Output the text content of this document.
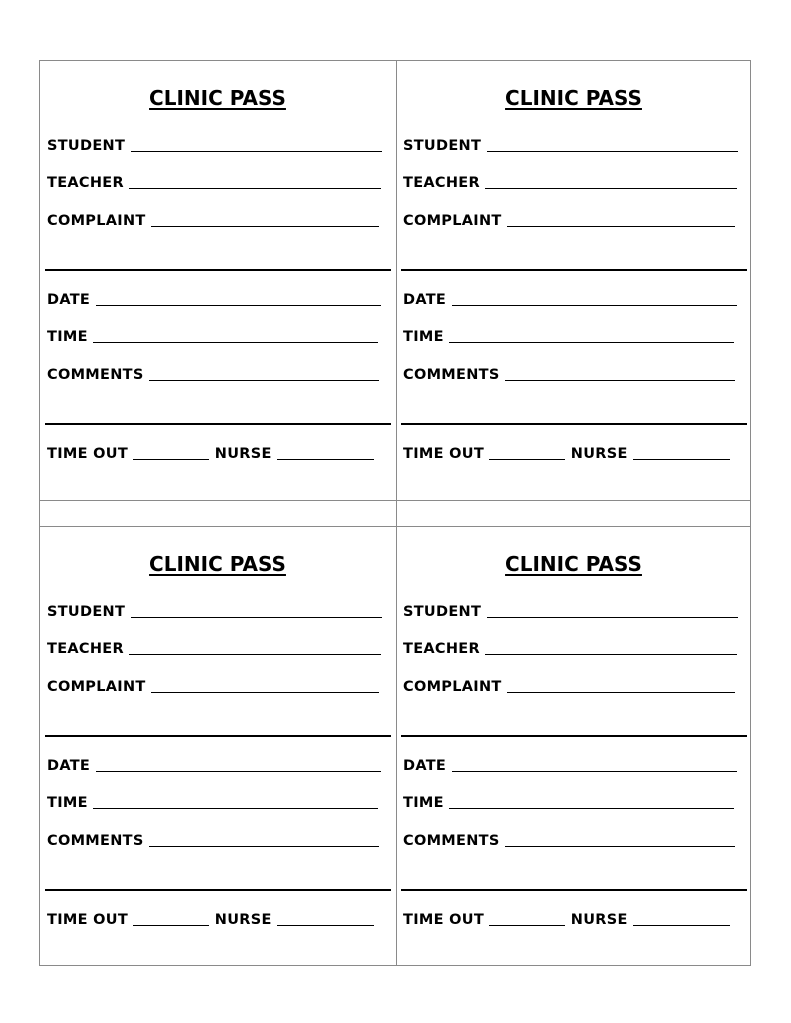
CLINIC PASS
STUDENT
TEACHER
COMPLAINT
DATE
TIME
COMMENTS
TIME OUT	NURSE
CLINIC PASS
STUDENT
TEACHER
COMPLAINT
DATE
TIME
COMMENTS
TIME OUT	NURSE
CLINIC PASS
STUDENT
TEACHER
COMPLAINT
DATE
TIME
COMMENTS
TIME OUT	NURSE
CLINIC PASS
STUDENT
TEACHER
COMPLAINT
DATE
TIME
COMMENTS
TIME OUT	NURSE
